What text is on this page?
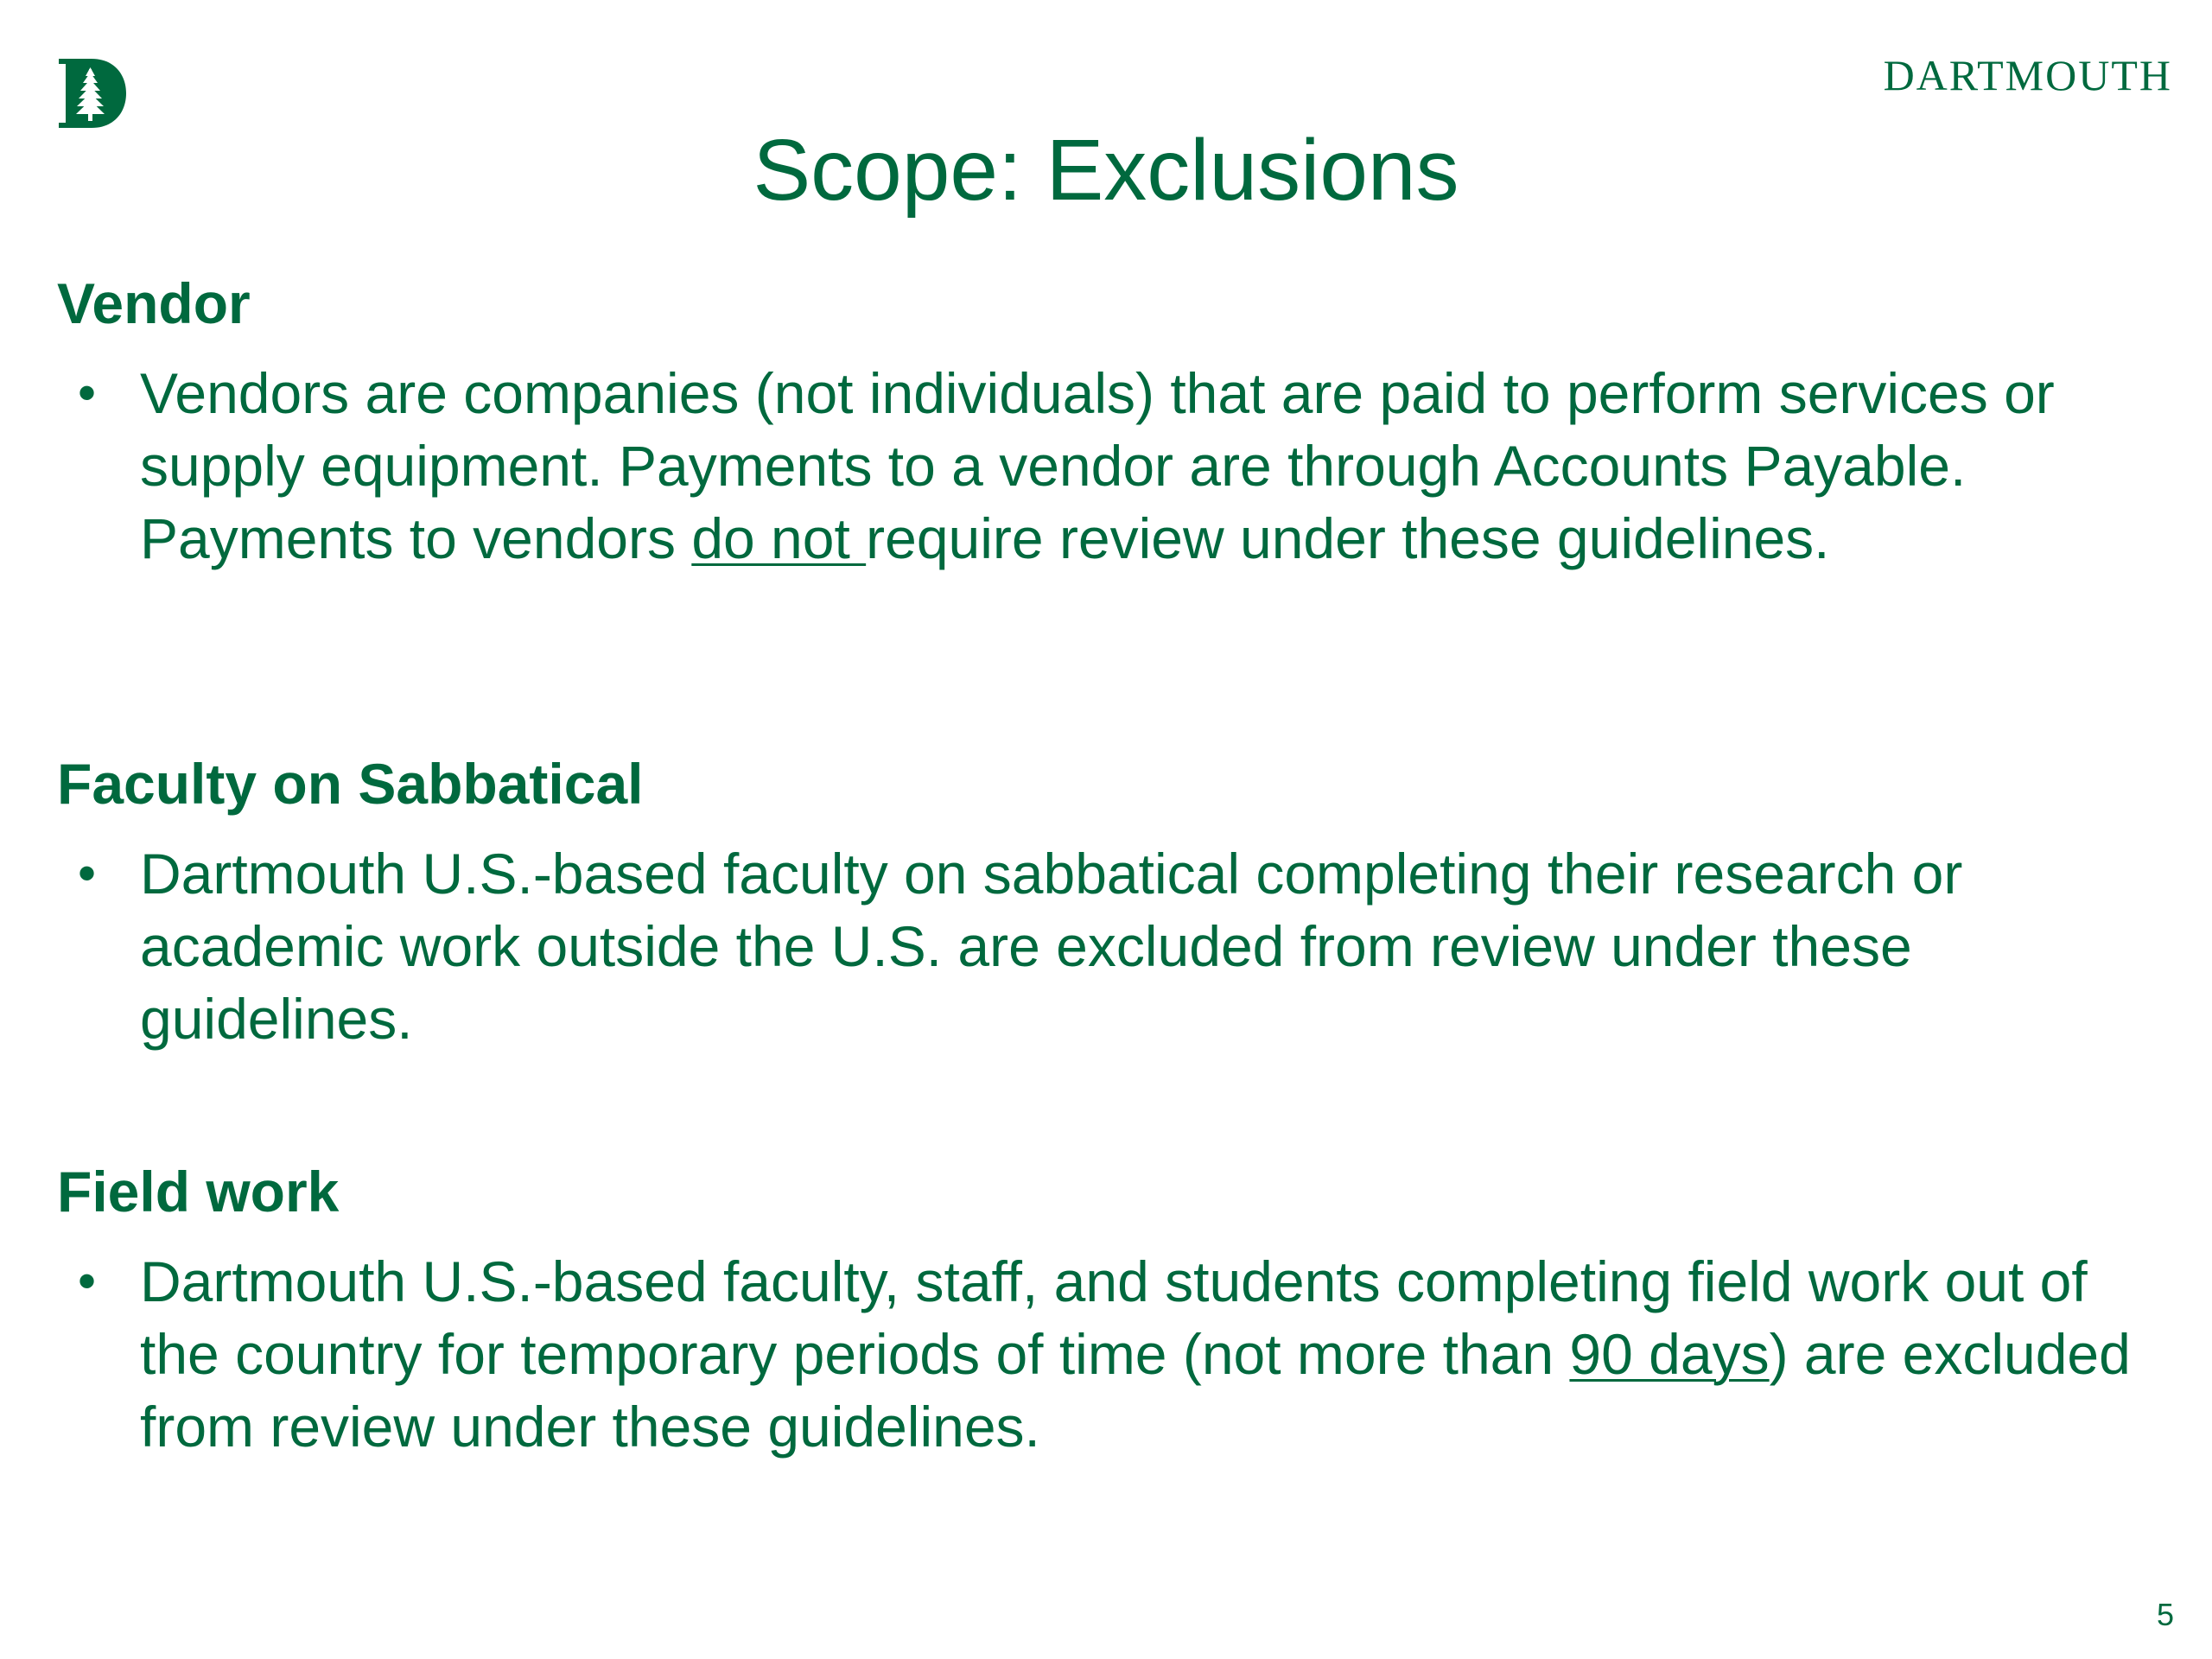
DARTMOUTH
Scope: Exclusions
Vendor
• Vendors are companies (not individuals) that are paid to perform services or supply equipment. Payments to a vendor are through Accounts Payable. Payments to vendors do not require review under these guidelines.
Faculty on Sabbatical
• Dartmouth U.S.-based faculty on sabbatical completing their research or academic work outside the U.S. are excluded from review under these guidelines.
Field work
• Dartmouth U.S.-based faculty, staff, and students completing field work out of the country for temporary periods of time (not more than 90 days) are excluded from review under these guidelines.
5
